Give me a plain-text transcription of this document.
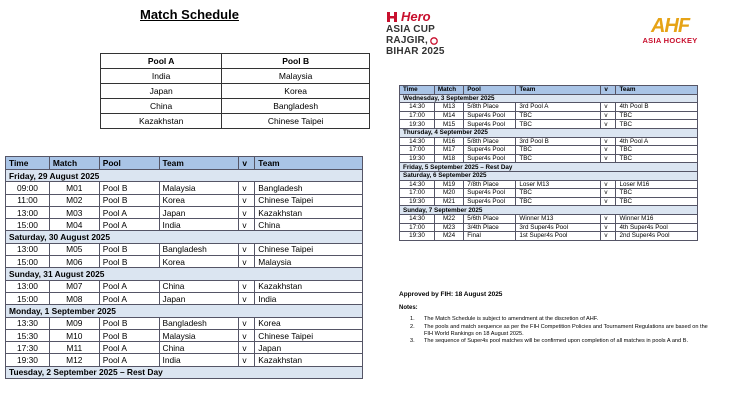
Match Schedule
Pool A	Pool B
India	Malaysia
Japan	Korea
China	Bangladesh
Kazakhstan	Chinese Taipei
Time	Match	Pool	Team	v	Team
Friday, 29 August 2025					
09:00	M01	Pool B	Malaysia	v	Bangladesh
11:00	M02	Pool B	Korea	v	Chinese Taipei
13:00	M03	Pool A	Japan	v	Kazakhstan
15:00	M04	Pool A	India	v	China
Saturday, 30 August 2025					
13:00	M05	Pool B	Bangladesh	v	Chinese Taipei
15:00	M06	Pool B	Korea	v	Malaysia
Sunday, 31 August 2025					
13:00	M07	Pool A	China	v	Kazakhstan
15:00	M08	Pool A	Japan	v	India
Monday, 1 September 2025					
13:30	M09	Pool B	Bangladesh	v	Korea
15:30	M10	Pool B	Malaysia	v	Chinese Taipei
17:30	M11	Pool A	China	v	Japan
19:30	M12	Pool A	India	v	Kazakhstan
Tuesday, 2 September 2025 – Rest Day					
Time	Match	Pool	Team	v	Team
Wednesday, 3 September 2025					
14:30	M13	5/8th Place	3rd Pool A	v	4th Pool B
17:00	M14	Super4s Pool	TBC	v	TBC
19:30	M15	Super4s Pool	TBC	v	TBC
Thursday, 4 September 2025					
14:30	M16	5/8th Place	3rd Pool B	v	4th Pool A
17:00	M17	Super4s Pool	TBC	v	TBC
19:30	M18	Super4s Pool	TBC	v	TBC
Friday, 5 September 2025 – Rest Day					
Saturday, 6 September 2025					
14:30	M19	7/8th Place	Loser M13	v	Loser M16
17:00	M20	Super4s Pool	TBC	v	TBC
19:30	M21	Super4s Pool	TBC	v	TBC
Sunday, 7 September 2025					
14:30	M22	5/6th Place	Winner M13	v	Winner M16
17:00	M23	3/4th Place	3rd Super4s Pool	v	4th Super4s Pool
19:30	M24	Final	1st Super4s Pool	v	2nd Super4s Pool
Hero
ASIA CUP
RAJGIR,
BIHAR 2025
AHF
ASIA HOCKEY
Approved by FIH: 18 August 2025
Notes:
1.	The Match Schedule is subject to amendment at the discretion of AHF.
2.	The pools and match sequence as per the FIH Competition Policies and Tournament Regulations are based on the FIH World Rankings on 18 August 2025.
3.	The sequence of Super4s pool matches will be confirmed upon completion of all matches in pools A and B.
